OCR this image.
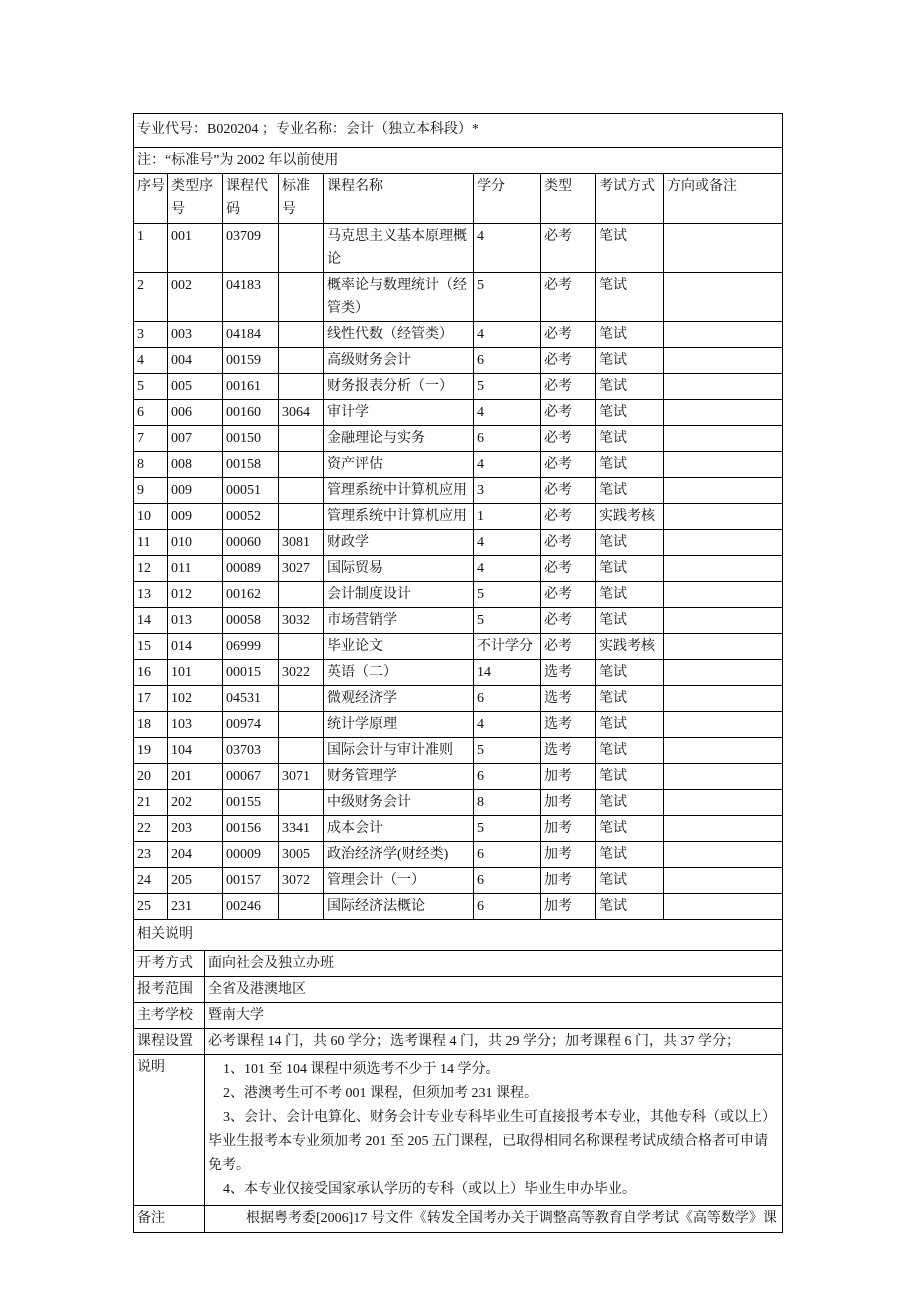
专业代号：B020204 ；专业名称：会计（独立本科段）*
注：“标准号”为 2002 年以前使用
序号	类型序号	课程代码	标准号	课程名称	学分	类型	考试方式	方向或备注
1	001	03709		马克思主义基本原理概论	4	必考	笔试	
2	002	04183		概率论与数理统计（经管类）	5	必考	笔试	
3	003	04184		线性代数（经管类）	4	必考	笔试	
4	004	00159		高级财务会计	6	必考	笔试	
5	005	00161		财务报表分析（一）	5	必考	笔试	
6	006	00160	3064	审计学	4	必考	笔试	
7	007	00150		金融理论与实务	6	必考	笔试	
8	008	00158		资产评估	4	必考	笔试	
9	009	00051		管理系统中计算机应用	3	必考	笔试	
10	009	00052		管理系统中计算机应用	1	必考	实践考核	
11	010	00060	3081	财政学	4	必考	笔试	
12	011	00089	3027	国际贸易	4	必考	笔试	
13	012	00162		会计制度设计	5	必考	笔试	
14	013	00058	3032	市场营销学	5	必考	笔试	
15	014	06999		毕业论文	不计学分	必考	实践考核	
16	101	00015	3022	英语（二）	14	选考	笔试	
17	102	04531		微观经济学	6	选考	笔试	
18	103	00974		统计学原理	4	选考	笔试	
19	104	03703		国际会计与审计准则	5	选考	笔试	
20	201	00067	3071	财务管理学	6	加考	笔试	
21	202	00155		中级财务会计	8	加考	笔试	
22	203	00156	3341	成本会计	5	加考	笔试	
23	204	00009	3005	政治经济学(财经类)	6	加考	笔试	
24	205	00157	3072	管理会计（一）	6	加考	笔试	
25	231	00246		国际经济法概论	6	加考	笔试	
相关说明	
开考方式	面向社会及独立办班
报考范围	全省及港澳地区
主考学校	暨南大学
课程设置	必考课程 14 门，共 60 学分；选考课程 4 门，共 29 学分；加考课程 6 门，共 37 学分；
说明	1、101 至 104 课程中须选考不少于 14 学分。
2、港澳考生可不考 001 课程，但须加考 231 课程。
3、会计、会计电算化、财务会计专业专科毕业生可直接报考本专业，其他专科（或以上）毕业生报考本专业须加考 201 至 205 五门课程，已取得相同名称课程考试成绩合格者可申请免考。
4、本专业仅接受国家承认学历的专科（或以上）毕业生申办毕业。

备注	根据粤考委[2006]17 号文件《转发全国考办关于调整高等教育自学考试《高等数学》课
